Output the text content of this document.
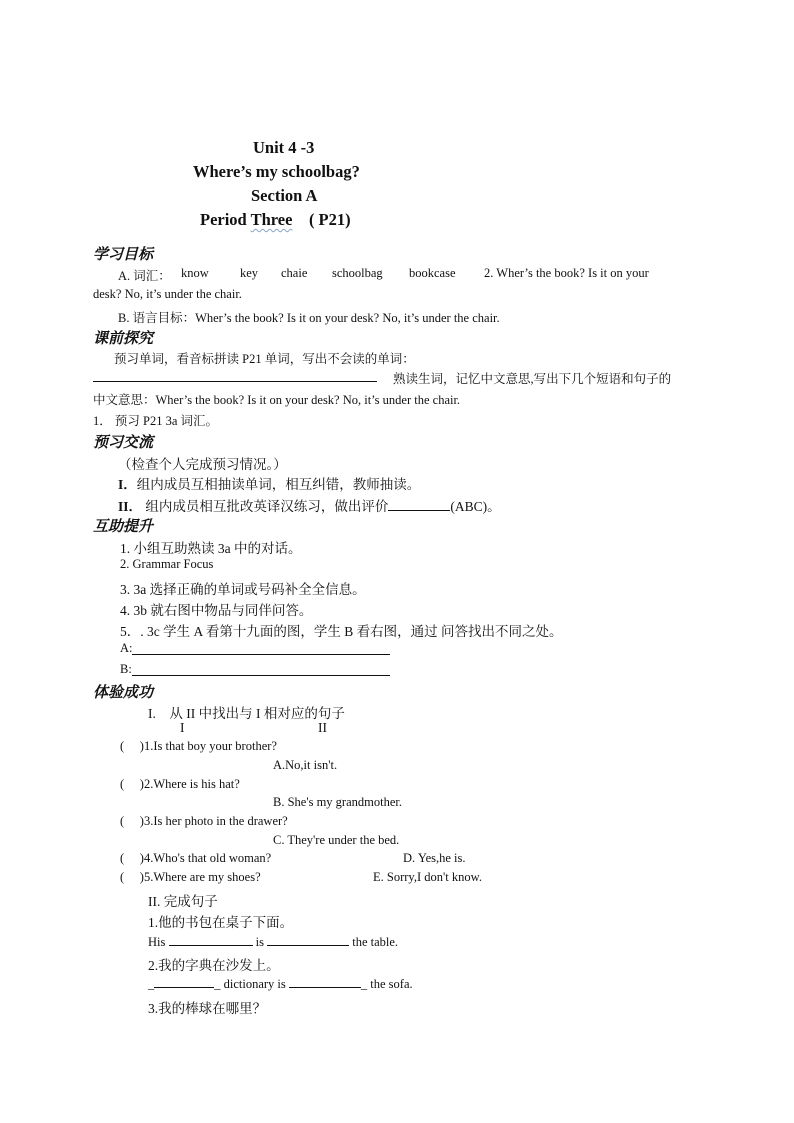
Unit 4 -3
Where’s my schoolbag?
Section A
Period Three    ( P21)
学习目标
A. 词汇： know key chaie schoolbag bookcase 2. Wher’s the book? Is it on your
desk? No, it’s under the chair.
B. 语言目标：Wher’s the book? Is it on your desk? No, it’s under the chair.
课前探究
预习单词，看音标拼读 P21 单词，写出不会读的单词：
熟读生词，记忆中文意思,写出下几个短语和句子的
中文意思：Wher’s the book? Is it on your desk? No, it’s under the chair.
1． 预习 P21 3a 词汇。
预习交流
（检查个人完成预习情况。）
I．组内成员互相抽读单词，相互纠错，教师抽读。
II． 组内成员相互批改英译汉练习，做出评价	(ABC)。
互助提升
1. 小组互助熟读 3a 中的对话。
2. Grammar Focus
3. 3a 选择正确的单词或号码补全全信息。
4. 3b 就右图中物品与同伴问答。
5．. 3c 学生 A 看第十九面的图，学生 B 看右图，通过 问答找出不同之处。
A:
B:
体验成功
I.    从 II 中找出与 I 相对应的句子
I	II
(     ) 1.Is that boy your brother?
A.No,it isn't.
(     ) 2.Where is his hat?
B. She's my grandmother.
(     ) 3.Is her photo in the drawer?
C. They're under the bed.
(     ) 4.Who's that old woman?	D. Yes,he is.
(     ) 5.Where are my shoes?	E. Sorry,I don't know.
II. 完成句子
1.他的书包在桌子下面。
His	is	the table.
2.我的字典在沙发上。
_	_ dictionary is	_ the sofa.
3.我的棒球在哪里？
